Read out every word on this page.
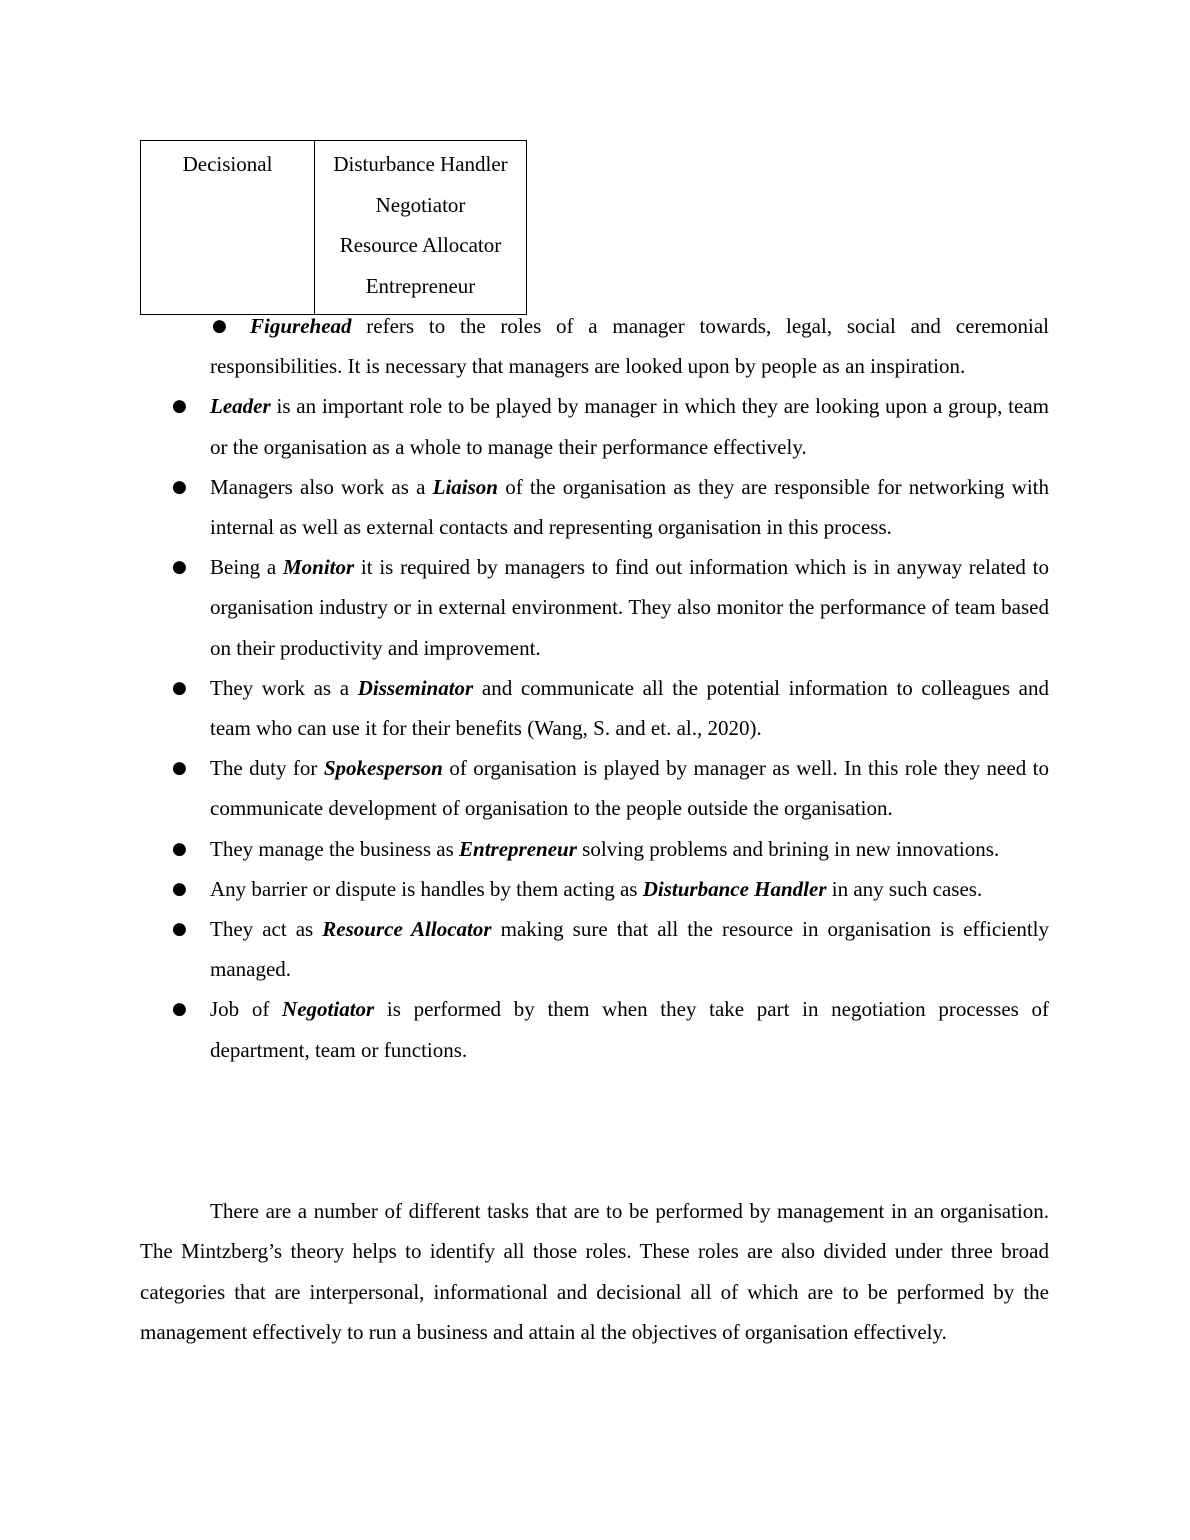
Decisional	Disturbance Handler
Negotiator
Resource Allocator
Entrepreneur
●	Figurehead refers to the roles of a manager towards, legal, social and ceremonial responsibilities. It is necessary that managers are looked upon by people as an inspiration.
● Leader is an important role to be played by manager in which they are looking upon a group, team or the organisation as a whole to manage their performance effectively.
● Managers also work as a Liaison of the organisation as they are responsible for networking with internal as well as external contacts and representing organisation in this process.
● Being a Monitor it is required by managers to find out information which is in anyway related to organisation industry or in external environment. They also monitor the performance of team based on their productivity and improvement.
● They work as a Disseminator and communicate all the potential information to colleagues and team who can use it for their benefits (Wang, S. and et. al., 2020).
● The duty for Spokesperson of organisation is played by manager as well. In this role they need to communicate development of organisation to the people outside the organisation.
● They manage the business as Entrepreneur solving problems and brining in new innovations.
● Any barrier or dispute is handles by them acting as Disturbance Handler in any such cases.
● They act as Resource Allocator making sure that all the resource in organisation is efficiently managed.
● Job of Negotiator is performed by them when they take part in negotiation processes of department, team or functions.

There are a number of different tasks that are to be performed by management in an organisation. The Mintzberg’s theory helps to identify all those roles. These roles are also divided under three broad categories that are interpersonal, informational and decisional all of which are to be performed by the management effectively to run a business and attain al the objectives of organisation effectively.
